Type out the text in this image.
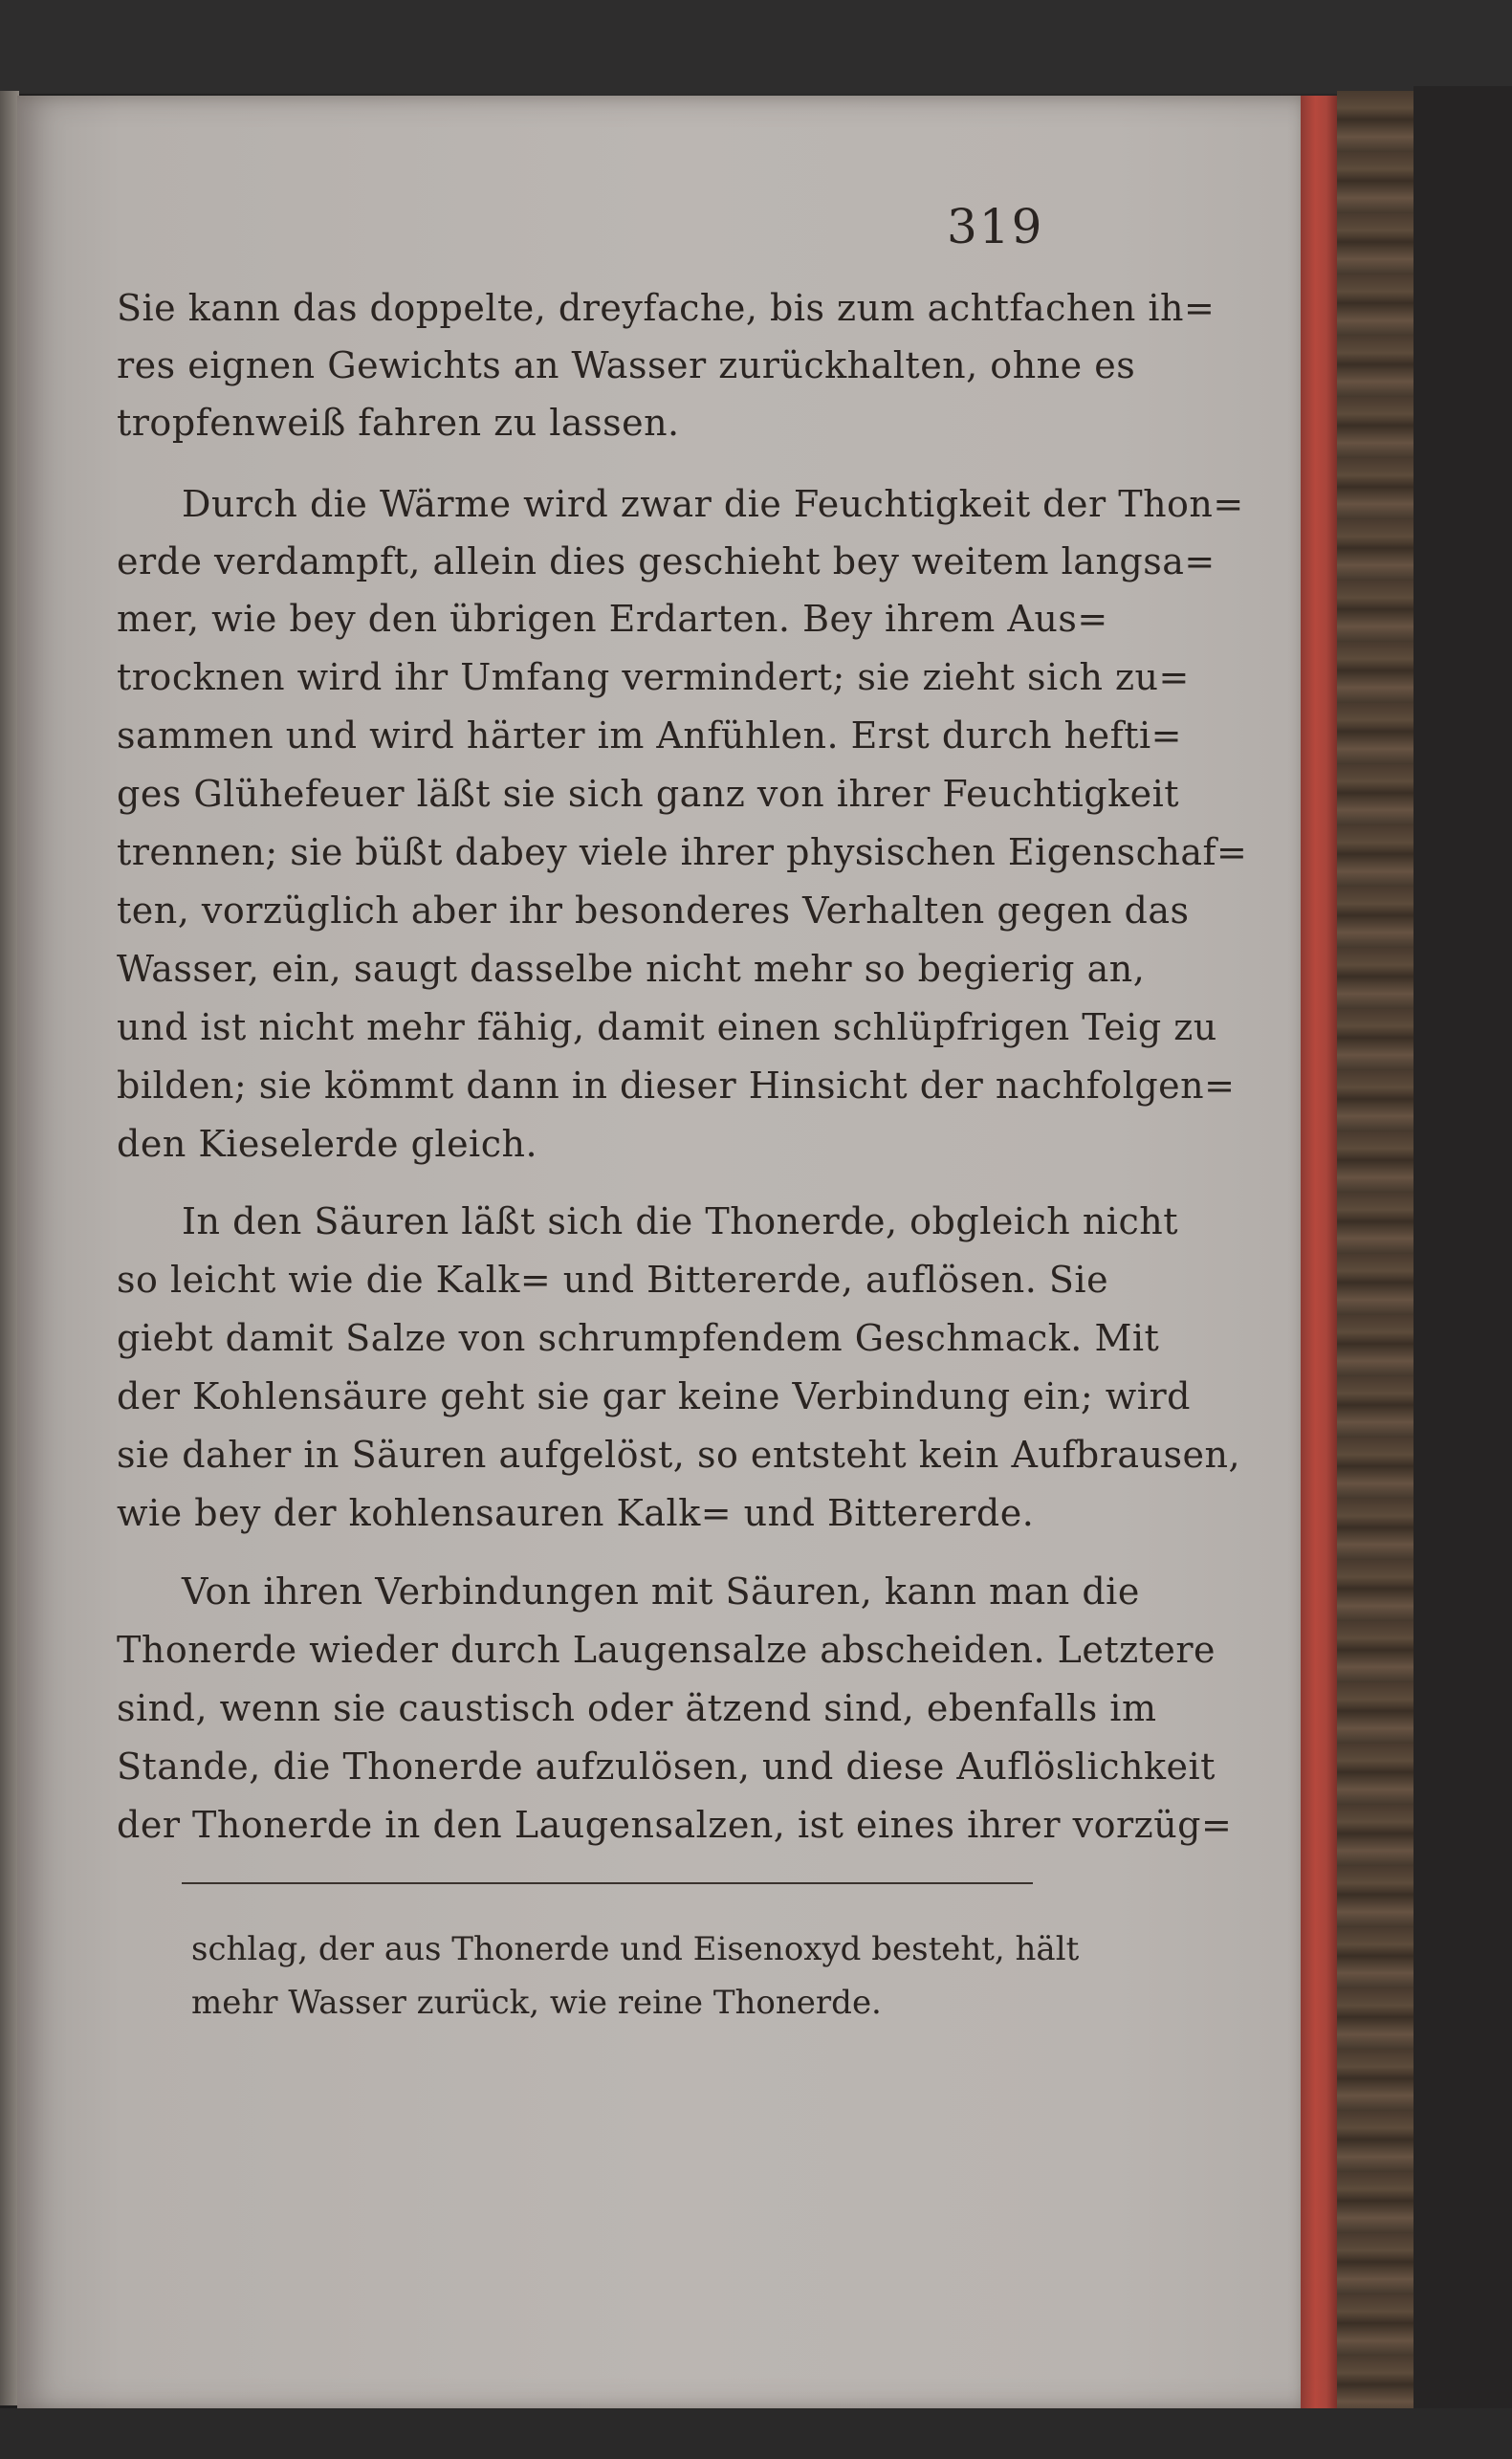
319
Sie kann das doppelte, dreyfache, bis zum achtfachen ih=
res eignen Gewichts an Wasser zurückhalten, ohne es
tropfenweiß fahren zu lassen.
Durch die Wärme wird zwar die Feuchtigkeit der Thon=
erde verdampft, allein dies geschieht bey weitem langsa=
mer, wie bey den übrigen Erdarten. Bey ihrem Aus=
trocknen wird ihr Umfang vermindert; sie zieht sich zu=
sammen und wird härter im Anfühlen. Erst durch hefti=
ges Glühefeuer läßt sie sich ganz von ihrer Feuchtigkeit
trennen; sie büßt dabey viele ihrer physischen Eigenschaf=
ten, vorzüglich aber ihr besonderes Verhalten gegen das
Wasser, ein, saugt dasselbe nicht mehr so begierig an,
und ist nicht mehr fähig, damit einen schlüpfrigen Teig zu
bilden; sie kömmt dann in dieser Hinsicht der nachfolgen=
den Kieselerde gleich.
In den Säuren läßt sich die Thonerde, obgleich nicht
so leicht wie die Kalk= und Bittererde, auflösen. Sie
giebt damit Salze von schrumpfendem Geschmack. Mit
der Kohlensäure geht sie gar keine Verbindung ein; wird
sie daher in Säuren aufgelöst, so entsteht kein Aufbrausen,
wie bey der kohlensauren Kalk= und Bittererde.
Von ihren Verbindungen mit Säuren, kann man die
Thonerde wieder durch Laugensalze abscheiden. Letztere
sind, wenn sie caustisch oder ätzend sind, ebenfalls im
Stande, die Thonerde aufzulösen, und diese Auflöslichkeit
der Thonerde in den Laugensalzen, ist eines ihrer vorzüg=
schlag, der aus Thonerde und Eisenoxyd besteht, hält
mehr Wasser zurück, wie reine Thonerde.
